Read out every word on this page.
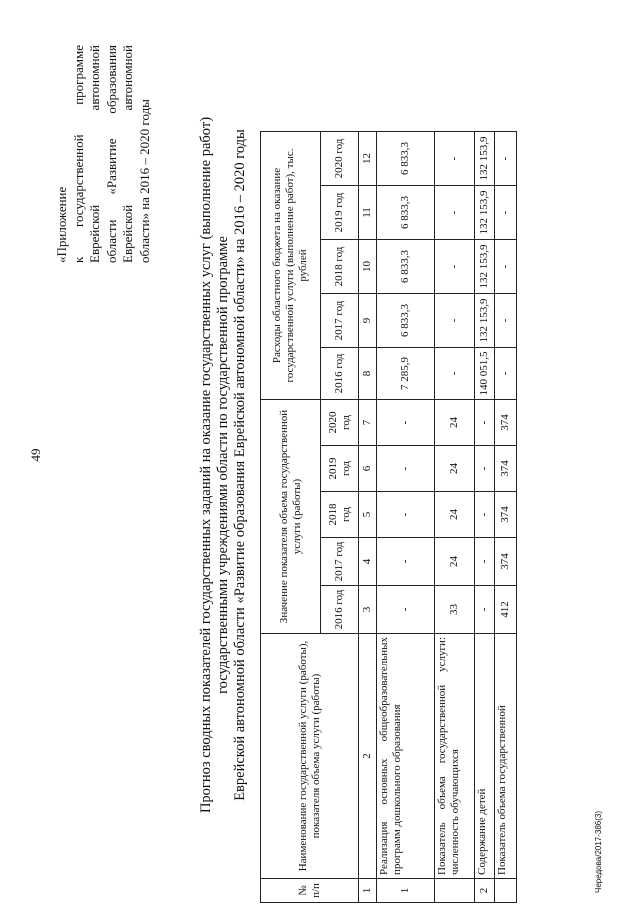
49
«Приложение к государственной программе Еврейской автономной области «Развитие образования Еврейской автономной области» на 2016 – 2020 годы	Прогноз сводных показателей государственных заданий на оказание государственных услуг (выполнение работ) государственными учреждениями области по государственной программе Еврейской автономной области «Развитие образования Еврейской автономной области» на 2016 – 2020 годы
№ п/п	Наименование государственной услуги (работы), показателя объема услуги (работы)	Значение показателя объема государственной услуги (работы)					Расходы областного бюджета на оказание государственной услуги (выполнение работ), тыс. рублей				
		2016 год	2017 год	2018 год	2019 год	2020 год	2016 год	2017 год	2018 год	2019 год	2020 год
1	2	3	4	5	6	7	8	9	10	11	12
1	Реализация основных общеобразовательных программ дошкольного образования	-	-	-	-	-	7 285,9	6 833,3	6 833,3	6 833,3	6 833,3
	Показатель объема государственной услуги: численность обучающихся	33	24	24	24	24	-	-	-	-	-
2	Содержание детей	-	-	-	-	-	140 051,5	132 153,9	132 153,9	132 153,9	132 153,9
	Показатель объема государственной	412	374	374	374	374	-	-	-	-	-
Чередова/2017-386(3)
